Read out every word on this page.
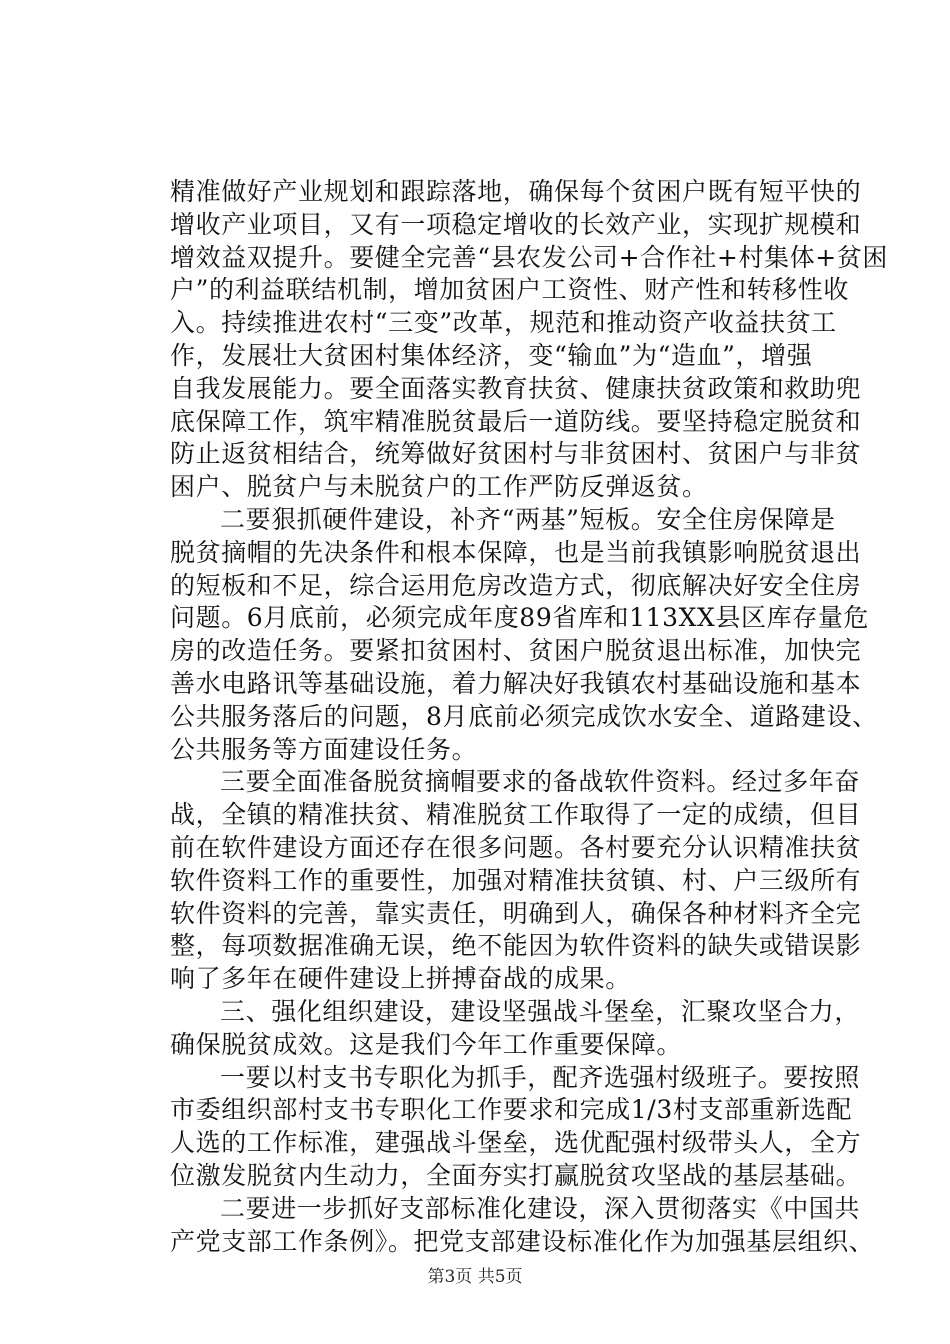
精准做好产业规划和跟踪落地，确保每个贫困户既有短平快的
增收产业项目，又有一项稳定增收的长效产业，实现扩规模和
增效益双提升。要健全完善“县农发公司+合作社+村集体+贫困
户”的利益联结机制，增加贫困户工资性、财产性和转移性收
入。持续推进农村“三变”改革，规范和推动资产收益扶贫工
作，发展壮大贫困村集体经济，变“输血”为“造血”，增强
自我发展能力。要全面落实教育扶贫、健康扶贫政策和救助兜
底保障工作，筑牢精准脱贫最后一道防线。要坚持稳定脱贫和
防止返贫相结合，统筹做好贫困村与非贫困村、贫困户与非贫
困户、脱贫户与未脱贫户的工作严防反弹返贫。
二要狠抓硬件建设，补齐“两基”短板。安全住房保障是
脱贫摘帽的先决条件和根本保障，也是当前我镇影响脱贫退出
的短板和不足，综合运用危房改造方式，彻底解决好安全住房
问题。6月底前，必须完成年度89省库和113XX县区库存量危
房的改造任务。要紧扣贫困村、贫困户脱贫退出标准，加快完
善水电路讯等基础设施，着力解决好我镇农村基础设施和基本
公共服务落后的问题，8月底前必须完成饮水安全、道路建设、
公共服务等方面建设任务。
三要全面准备脱贫摘帽要求的备战软件资料。经过多年奋
战，全镇的精准扶贫、精准脱贫工作取得了一定的成绩，但目
前在软件建设方面还存在很多问题。各村要充分认识精准扶贫
软件资料工作的重要性，加强对精准扶贫镇、村、户三级所有
软件资料的完善，靠实责任，明确到人，确保各种材料齐全完
整，每项数据准确无误，绝不能因为软件资料的缺失或错误影
响了多年在硬件建设上拼搏奋战的成果。
三、强化组织建设，建设坚强战斗堡垒，汇聚攻坚合力，
确保脱贫成效。这是我们今年工作重要保障。
一要以村支书专职化为抓手，配齐选强村级班子。要按照
市委组织部村支书专职化工作要求和完成1/3村支部重新选配
人选的工作标准，建强战斗堡垒，选优配强村级带头人，全方
位激发脱贫内生动力，全面夯实打赢脱贫攻坚战的基层基础。
二要进一步抓好支部标准化建设，深入贯彻落实《中国共
产党支部工作条例》。把党支部建设标准化作为加强基层组织、
第3页 共5页
